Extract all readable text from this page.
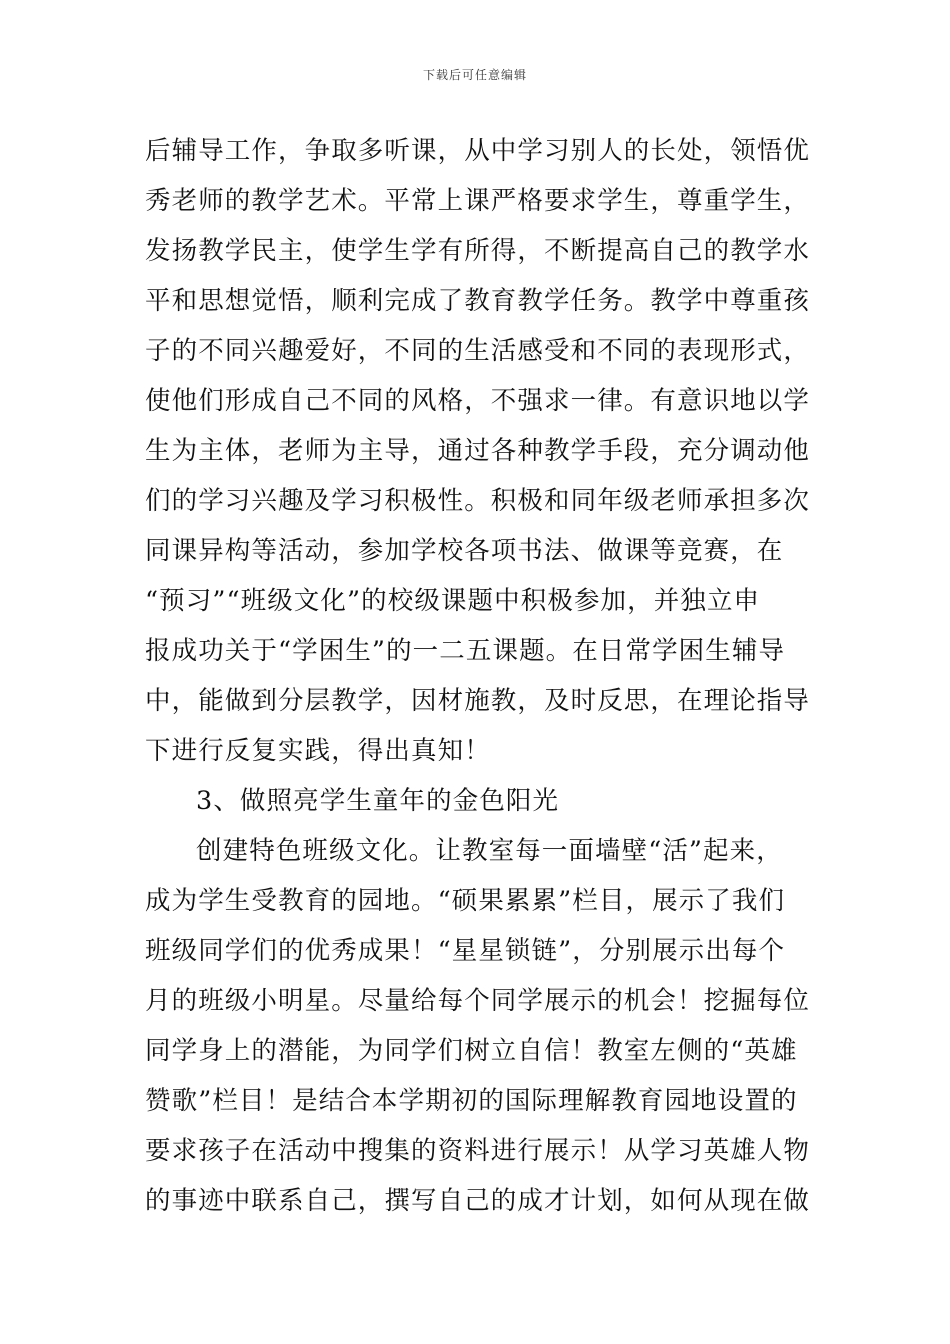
下载后可任意编辑
后辅导工作，争取多听课，从中学习别人的长处，领悟优
秀老师的教学艺术。平常上课严格要求学生，尊重学生，
发扬教学民主，使学生学有所得，不断提高自己的教学水
平和思想觉悟，顺利完成了教育教学任务。教学中尊重孩
子的不同兴趣爱好，不同的生活感受和不同的表现形式，
使他们形成自己不同的风格，不强求一律。有意识地以学
生为主体，老师为主导，通过各种教学手段，充分调动他
们的学习兴趣及学习积极性。积极和同年级老师承担多次
同课异构等活动，参加学校各项书法、做课等竞赛，在
“预习”“班级文化”的校级课题中积极参加，并独立申
报成功关于“学困生”的一二五课题。在日常学困生辅导
中，能做到分层教学，因材施教，及时反思，在理论指导
下进行反复实践，得出真知！
3、做照亮学生童年的金色阳光
创建特色班级文化。让教室每一面墙壁“活”起来，
成为学生受教育的园地。“硕果累累”栏目，展示了我们
班级同学们的优秀成果！“星星锁链”，分别展示出每个
月的班级小明星。尽量给每个同学展示的机会！挖掘每位
同学身上的潜能，为同学们树立自信！教室左侧的“英雄
赞歌”栏目！是结合本学期初的国际理解教育园地设置的
要求孩子在活动中搜集的资料进行展示！从学习英雄人物
的事迹中联系自己，撰写自己的成才计划，如何从现在做
